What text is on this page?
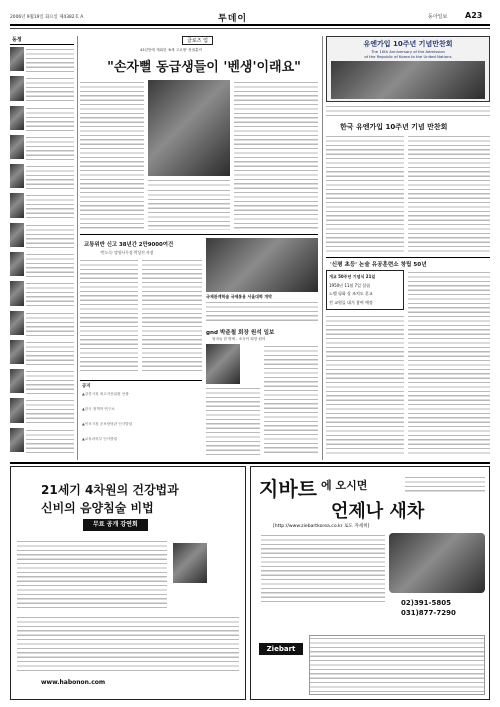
2006년 9월19일 화요일 제4382호 A	투데이	동아일보 A23
동정	클로즈 업
43년만에 재회한 '6세 고교생' 정권훈씨
"손자뻘 동급생들이 '벤생'이래요"
교통위반 신고 38년간 2만9000여건
'번도둑' 망원사무장 박상진 사장
공지
▲강릉시청 최고자문위원 선출
▲한국 정책학 연구소
▲목포시청 공보담당관 인사발령
▲교육과학부 인사발령
국제관계학술 국제통용 서울대학 개막
gnd 박준철 회장 원석 일보
엄마들 한 명에 - 소득이 희망 원석
유엔가입 10주년 기념만찬회
The 10th Anniversary of the Admission
of the Republic of Korea to the United Nations
한국 유엔가입 10주년 기념 만찬회
'신평 초등' 논술 유공훈련소 창립 50년
개교 50주년 기념식 21일
1950년 11월 7일 설립
노벨 평화 상 조치도 혼교
전 교원들 대거 참여 예정
21세기 4차원의 건강법과
신비의 음양침술 비법
무료 공개 강연회
www.habonon.com
지바트 에 오시면
언제나 새차
[http://www.ziebartkorea.co.kr 로도 자세히]
02)391-5805
031)877-7290
Ziebart
